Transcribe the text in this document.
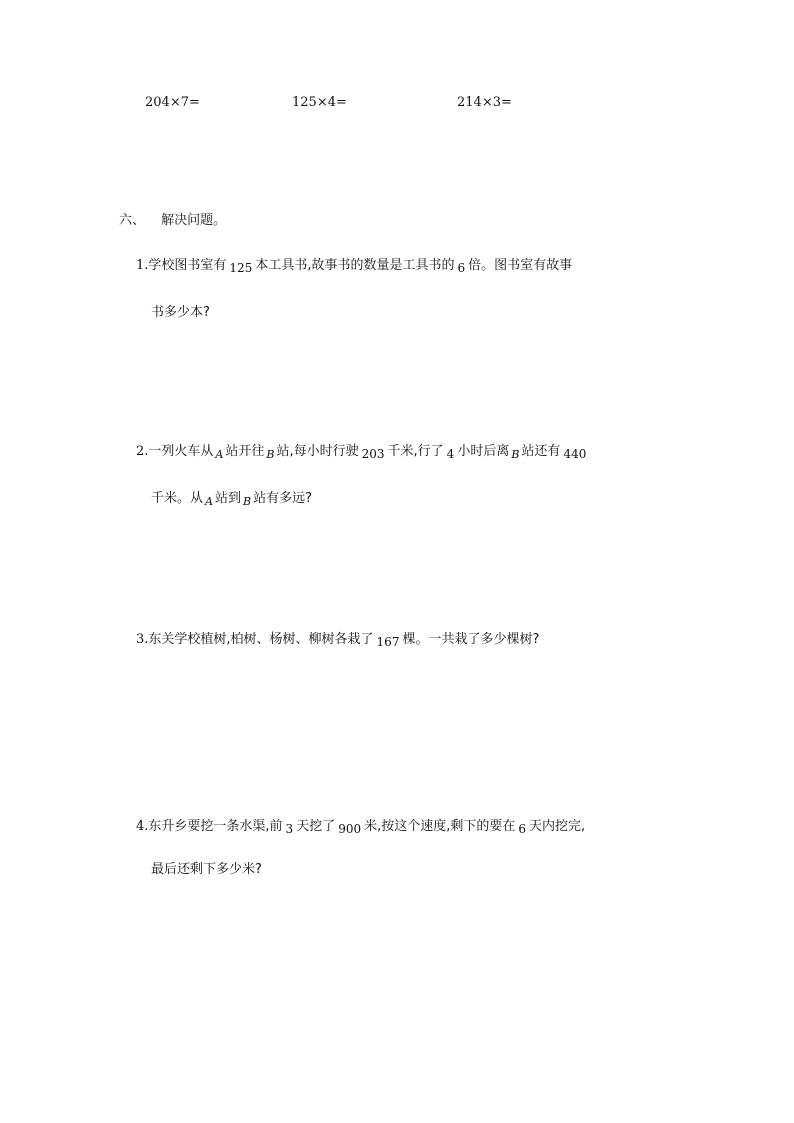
204×7=	125×4=	214×3=
六、 解决问题。
1.学校图书室有 125 本工具书,故事书的数量是工具书的 6 倍。图书室有故事
书多少本?
2.一列火车从 $_A$ 站开往 $_B$ 站,每小时行驶 203 千米,行了 4 小时后离 $_B$ 站还有 440
千米。从 $_A$ 站到 $_B$ 站有多远?
3.东关学校植树,柏树、杨树、柳树各栽了 167 棵。一共栽了多少棵树?
4.东升乡要挖一条水渠,前 3 天挖了 900 米,按这个速度,剩下的要在 6 天内挖完,
最后还剩下多少米?
